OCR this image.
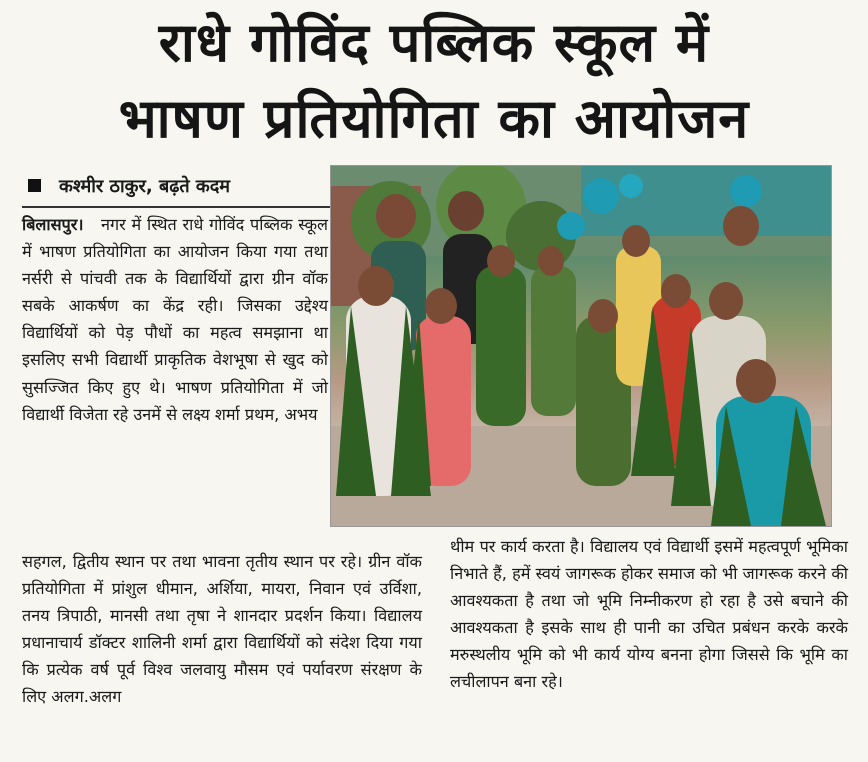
राधे गोविंद पब्लिक स्कूल में
भाषण प्रतियोगिता का आयोजन
कश्मीर ठाकुर, बढ़ते कदम

बिलासपुर। नगर में स्थित राधे गोविंद पब्लिक स्कूल में भाषण प्रतियोगिता का आयोजन किया गया तथा नर्सरी से पांचवी तक के विद्यार्थियों द्वारा ग्रीन वॉक सबके आकर्षण का केंद्र रही। जिसका उद्देश्य विद्यार्थियों को पेड़ पौधों का महत्व समझाना था इसलिए सभी विद्यार्थी प्राकृतिक वेशभूषा से खुद को सुसज्जित किए हुए थे। भाषण प्रतियोगिता में जो विद्यार्थी विजेता रहे उनमें से लक्ष्य शर्मा प्रथम, अभय

सहगल, द्वितीय स्थान पर तथा भावना तृतीय स्थान पर रहे। ग्रीन वॉक प्रतियोगिता में प्रांशुल धीमान, अर्शिया, मायरा, निवान एवं उर्विशा, तनय त्रिपाठी, मानसी तथा तृषा ने शानदार प्रदर्शन किया। विद्यालय प्रधानाचार्य डॉक्टर शालिनी शर्मा द्वारा विद्यार्थियों को संदेश दिया गया कि प्रत्येक वर्ष पूर्व विश्व जलवायु मौसम एवं पर्यावरण संरक्षण के लिए अलग.अलग

थीम पर कार्य करता है। विद्यालय एवं विद्यार्थी इसमें महत्वपूर्ण भूमिका निभाते हैं, हमें स्वयं जागरूक होकर समाज को भी जागरूक करने की आवश्यकता है तथा जो भूमि निम्नीकरण हो रहा है उसे बचाने की आवश्यकता है इसके साथ ही पानी का उचित प्रबंधन करके करके मरुस्थलीय भूमि को भी कार्य योग्य बनना होगा जिससे कि भूमि का लचीलापन बना रहे।
